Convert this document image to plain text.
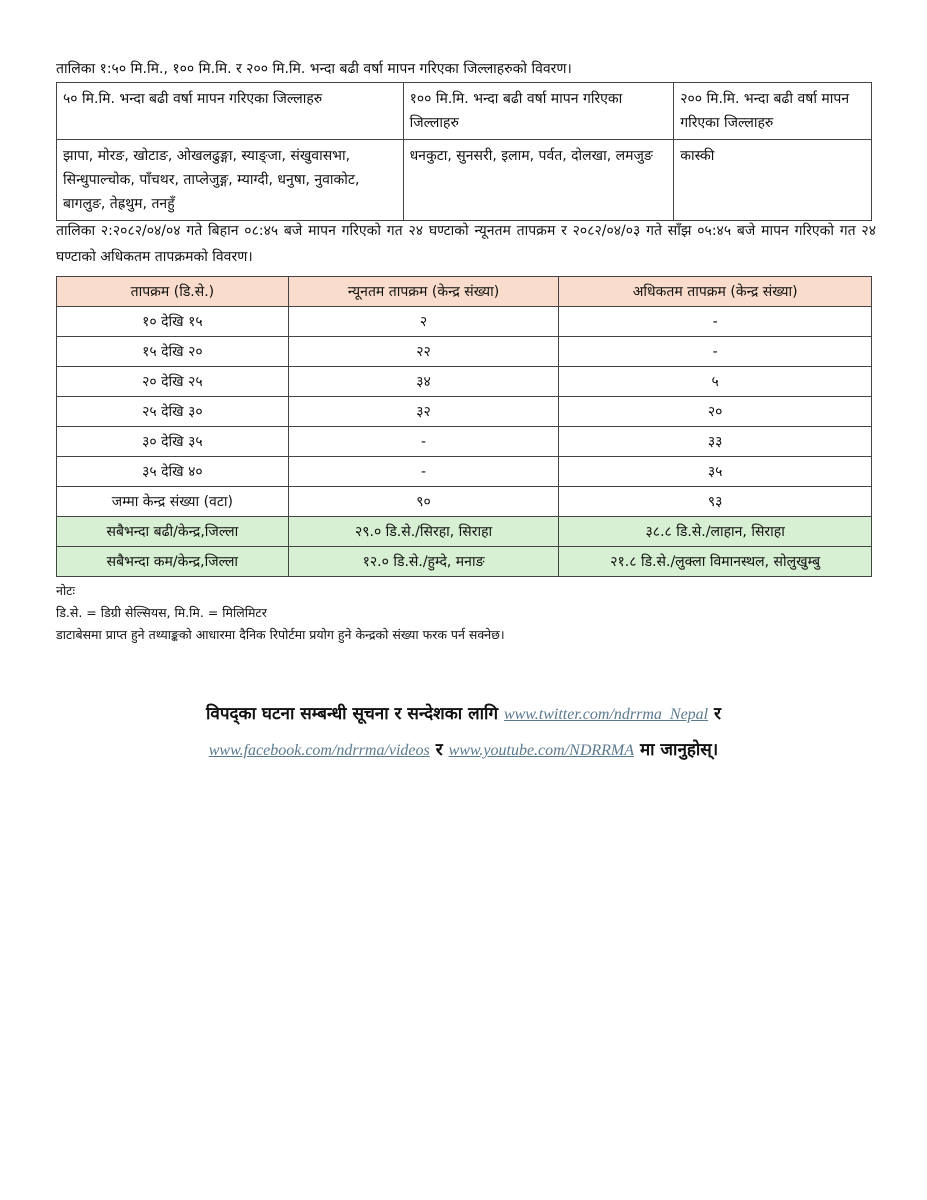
तालिका १:५० मि.मि., १०० मि.मि. र २०० मि.मि. भन्दा बढी वर्षा मापन गरिएका जिल्लाहरुको विवरण।
५० मि.मि. भन्दा बढी वर्षा मापन गरिएका जिल्लाहरु	१०० मि.मि. भन्दा बढी वर्षा मापन गरिएका जिल्लाहरु	२०० मि.मि. भन्दा बढी वर्षा मापन गरिएका जिल्लाहरु
झापा, मोरङ, खोटाङ, ओखलढुङ्गा, स्याङ्जा, संखुवासभा, सिन्धुपाल्चोक, पाँचथर, ताप्लेजुङ्ग, म्याग्दी, धनुषा, नुवाकोट, बागलुङ, तेह्रथुम, तनहुँ	धनकुटा, सुनसरी, इलाम, पर्वत, दोलखा, लमजुङ	कास्की
तालिका २:२०८२/०४/०४ गते बिहान ०८:४५ बजे मापन गरिएको गत २४ घण्टाको न्यूनतम तापक्रम र २०८२/०४/०३ गते साँझ ०५:४५ बजे मापन गरिएको गत २४ घण्टाको अधिकतम तापक्रमको विवरण।
तापक्रम (डि.से.)	न्यूनतम तापक्रम (केन्द्र संख्या)	अधिकतम तापक्रम (केन्द्र संख्या)
१० देखि १५	२	-
१५ देखि २०	२२	-
२० देखि २५	३४	५
२५ देखि ३०	३२	२०
३० देखि ३५	-	३३
३५ देखि ४०	-	३५
जम्मा केन्द्र संख्या (वटा)	९०	९३
सबैभन्दा बढी/केन्द्र,जिल्ला	२९.० डि.से./सिरहा, सिराहा	३८.८ डि.से./लाहान, सिराहा
सबैभन्दा कम/केन्द्र,जिल्ला	१२.० डि.से./हुम्दे, मनाङ	२१.८ डि.से./लुक्ला विमानस्थल, सोलुखुम्बु
नोटः
डि.से. = डिग्री सेल्सियस, मि.मि. = मिलिमिटर
डाटाबेसमा प्राप्त हुने तथ्याङ्कको आधारमा दैनिक रिपोर्टमा प्रयोग हुने केन्द्रको संख्या फरक पर्न सक्नेछ।
विपद्का घटना सम्बन्धी सूचना र सन्देशका लागि www.twitter.com/ndrrma_Nepal र
www.facebook.com/ndrrma/videos र www.youtube.com/NDRRMA मा जानुहोस्।
